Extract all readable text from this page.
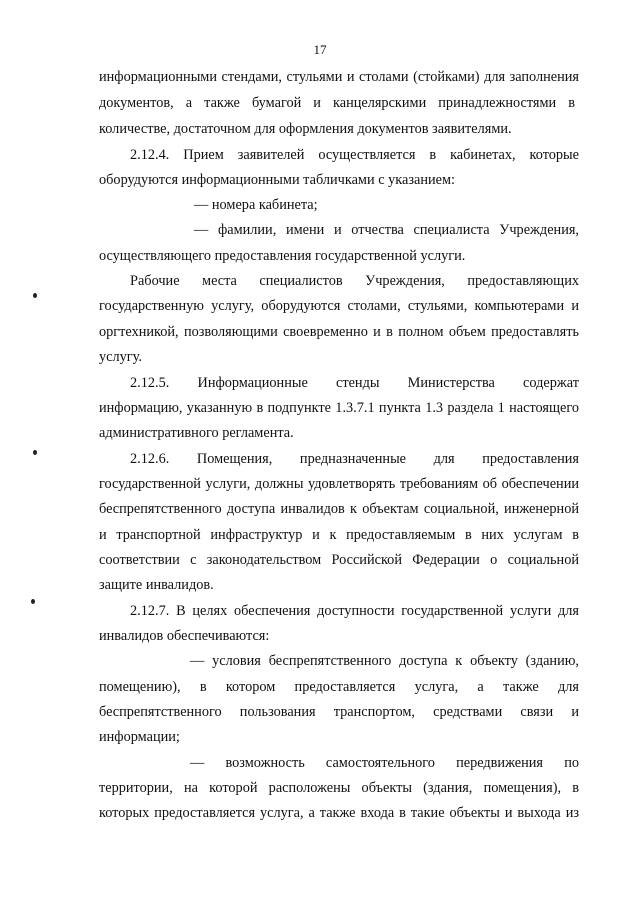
17
информационными стендами, стульями и столами (стойками) для заполнения
документов, а также бумагой и канцелярскими принадлежностями в
количестве, достаточном для оформления документов заявителями.
2.12.4. Прием заявителей осуществляется в кабинетах, которые
оборудуются информационными табличками с указанием:
— номера кабинета;
— фамилии, имени и отчества специалиста Учреждения,
осуществляющего предоставления государственной услуги.
Рабочие места специалистов Учреждения, предоставляющих
государственную услугу, оборудуются столами, стульями, компьютерами и
оргтехникой, позволяющими своевременно и в полном объем предоставлять
услугу.
2.12.5. Информационные стенды Министерства содержат
информацию, указанную в подпункте 1.3.7.1 пункта 1.3 раздела 1 настоящего
административного регламента.
2.12.6. Помещения, предназначенные для предоставления
государственной услуги, должны удовлетворять требованиям об обеспечении
беспрепятственного доступа инвалидов к объектам социальной, инженерной
и транспортной инфраструктур и к предоставляемым в них услугам в
соответствии с законодательством Российской Федерации о социальной
защите инвалидов.
2.12.7. В целях обеспечения доступности государственной услуги для
инвалидов обеспечиваются:
— условия беспрепятственного доступа к объекту (зданию,
помещению), в котором предоставляется услуга, а также для
беспрепятственного пользования транспортом, средствами связи и
информации;
— возможность самостоятельного передвижения по
территории, на которой расположены объекты (здания, помещения), в
которых предоставляется услуга, а также входа в такие объекты и выхода из
